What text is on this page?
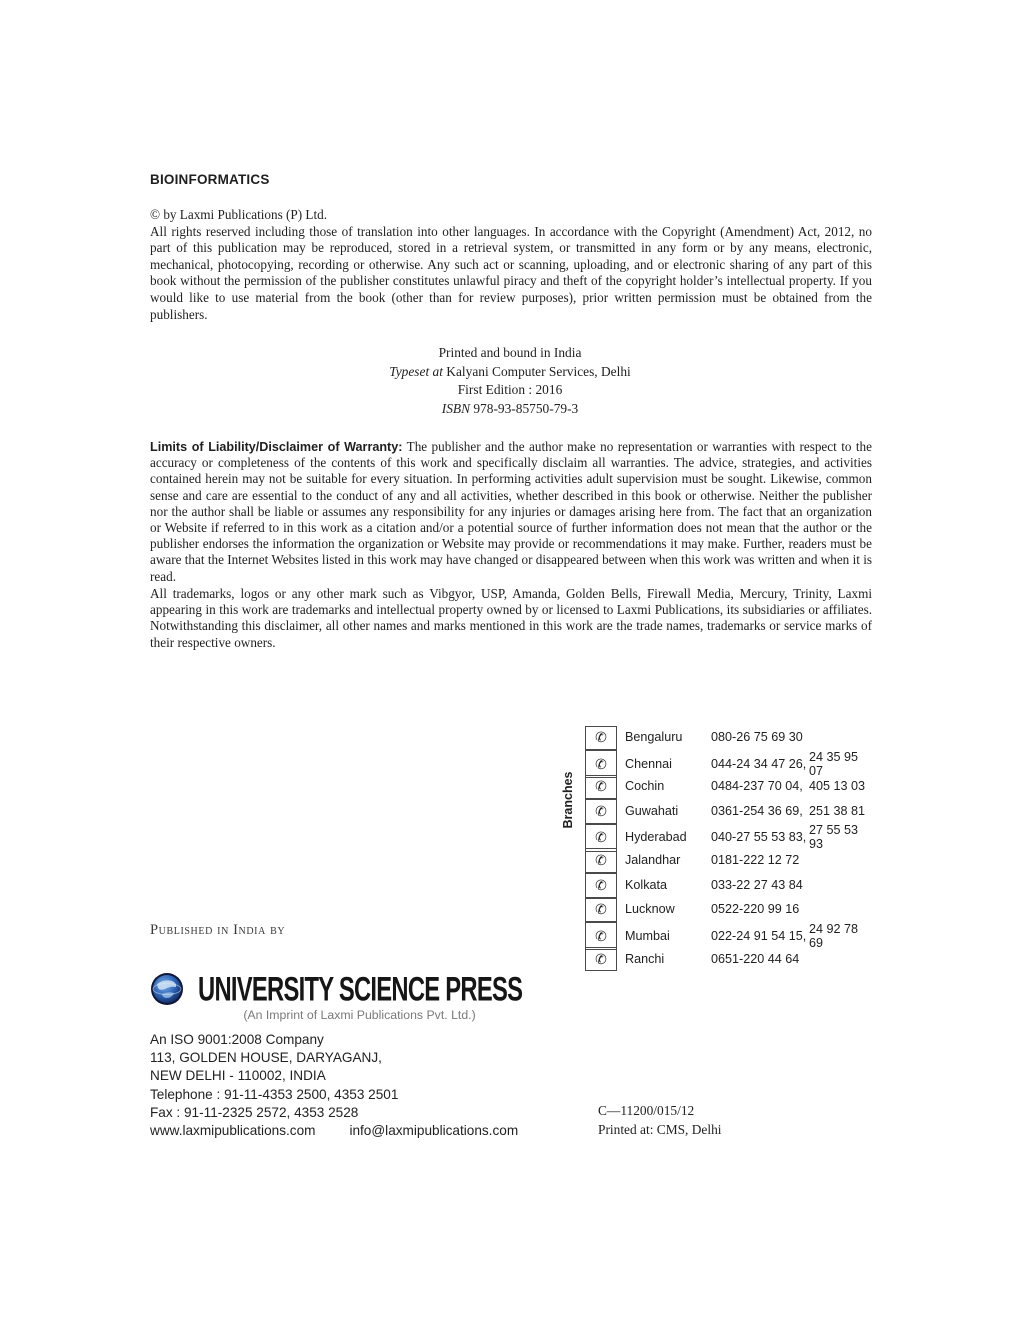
BIOINFORMATICS
© by Laxmi Publications (P) Ltd.
All rights reserved including those of translation into other languages. In accordance with the Copyright (Amendment) Act, 2012, no part of this publication may be reproduced, stored in a retrieval system, or transmitted in any form or by any means, electronic, mechanical, photocopying, recording or otherwise. Any such act or scanning, uploading, and or electronic sharing of any part of this book without the permission of the publisher constitutes unlawful piracy and theft of the copyright holder’s intellectual property. If you would like to use material from the book (other than for review purposes), prior written permission must be obtained from the publishers.
Printed and bound in India
Typeset at Kalyani Computer Services, Delhi
First Edition : 2016
ISBN 978-93-85750-79-3
Limits of Liability/Disclaimer of Warranty: The publisher and the author make no representation or warranties with respect to the accuracy or completeness of the contents of this work and specifically disclaim all warranties. The advice, strategies, and activities contained herein may not be suitable for every situation. In performing activities adult supervision must be sought. Likewise, common sense and care are essential to the conduct of any and all activities, whether described in this book or otherwise. Neither the publisher nor the author shall be liable or assumes any responsibility for any injuries or damages arising here from. The fact that an organization or Website if referred to in this work as a citation and/or a potential source of further information does not mean that the author or the publisher endorses the information the organization or Website may provide or recommendations it may make. Further, readers must be aware that the Internet Websites listed in this work may have changed or disappeared between when this work was written and when it is read.
All trademarks, logos or any other mark such as Vibgyor, USP, Amanda, Golden Bells, Firewall Media, Mercury, Trinity, Laxmi appearing in this work are trademarks and intellectual property owned by or licensed to Laxmi Publications, its subsidiaries or affiliates. Notwithstanding this disclaimer, all other names and marks mentioned in this work are the trade names, trademarks or service marks of their respective owners.
Branches
✆	Bengaluru	080-26 75 69 30
✆	Chennai	044-24 34 47 26, 24 35 95 07
✆	Cochin	0484-237 70 04, 405 13 03
✆	Guwahati	0361-254 36 69, 251 38 81
✆	Hyderabad	040-27 55 53 83, 27 55 53 93
✆	Jalandhar	0181-222 12 72
✆	Kolkata	033-22 27 43 84
✆	Lucknow	0522-220 99 16
✆	Mumbai	022-24 91 54 15, 24 92 78 69
✆	Ranchi	0651-220 44 64
Published in India by
UNIVERSITY SCIENCE PRESS
(An Imprint of Laxmi Publications Pvt. Ltd.)
An ISO 9001:2008 Company
113, GOLDEN HOUSE, DARYAGANJ,
NEW DELHI - 110002, INDIA
Telephone : 91-11-4353 2500, 4353 2501
Fax : 91-11-2325 2572, 4353 2528
www.laxmipublications.com	info@laxmipublications.com
C—11200/015/12
Printed at: CMS, Delhi
